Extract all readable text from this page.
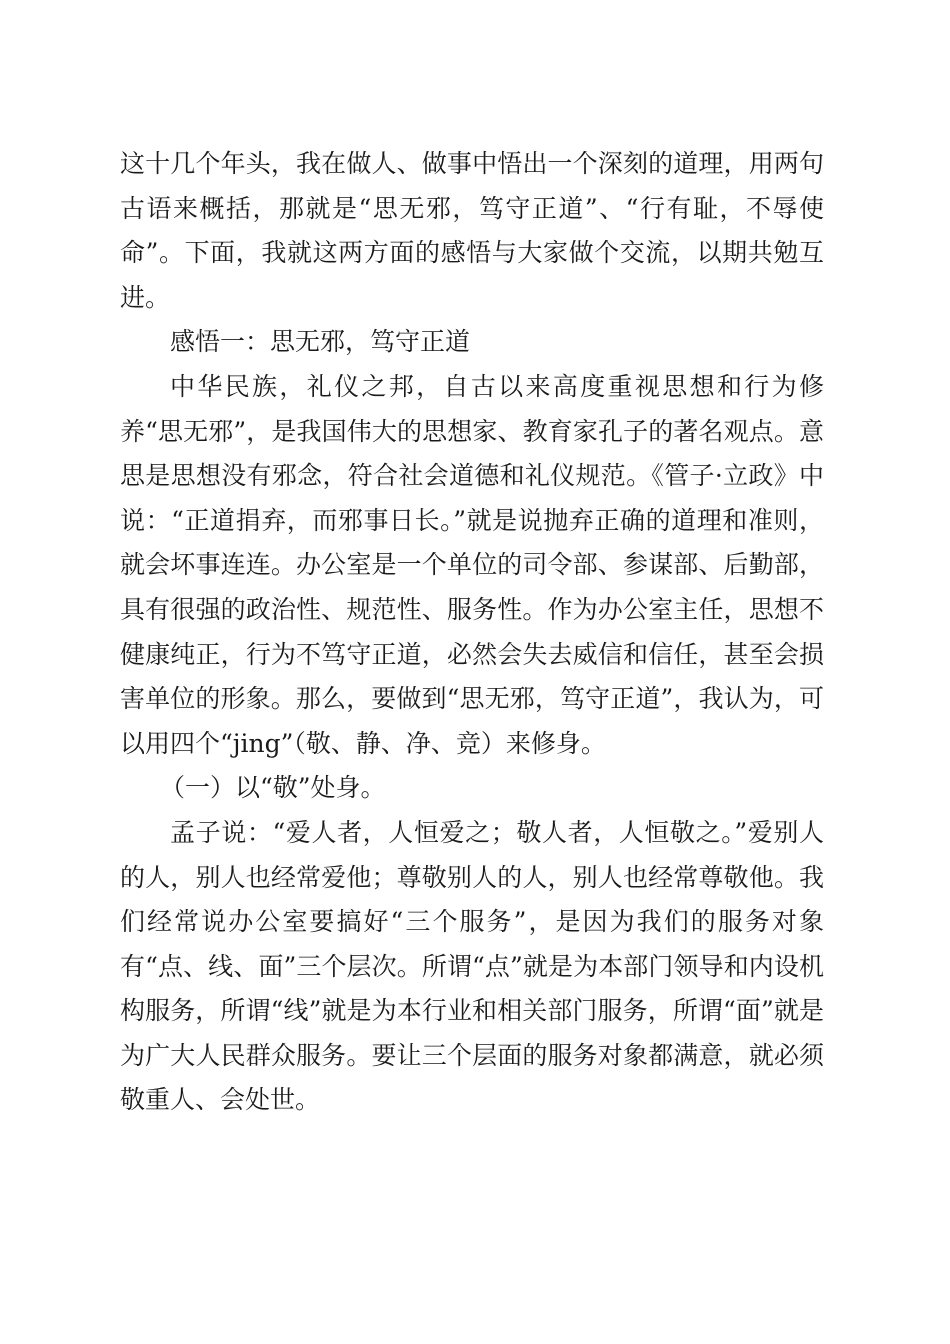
这十几个年头，我在做人、做事中悟出一个深刻的道理，用两句古语来概括，那就是“思无邪，笃守正道”、“行有耻，不辱使命”。下面，我就这两方面的感悟与大家做个交流，以期共勉互进。

感悟一：思无邪，笃守正道

中华民族，礼仪之邦，自古以来高度重视思想和行为修养“思无邪”，是我国伟大的思想家、教育家孔子的著名观点。意思是思想没有邪念，符合社会道德和礼仪规范。《管子·立政》中说：“正道捐弃，而邪事日长。”就是说抛弃正确的道理和准则，就会坏事连连。办公室是一个单位的司令部、参谋部、后勤部，具有很强的政治性、规范性、服务性。作为办公室主任，思想不健康纯正，行为不笃守正道，必然会失去威信和信任，甚至会损害单位的形象。那么，要做到“思无邪，笃守正道”，我认为，可以用四个“jing”（敬、静、净、竞）来修身。

（一）以“敬”处身。

孟子说：“爱人者，人恒爱之；敬人者，人恒敬之。”爱别人的人，别人也经常爱他；尊敬别人的人，别人也经常尊敬他。我们经常说办公室要搞好“三个服务”，是因为我们的服务对象有“点、线、面”三个层次。所谓“点”就是为本部门领导和内设机构服务，所谓“线”就是为本行业和相关部门服务，所谓“面”就是为广大人民群众服务。要让三个层面的服务对象都满意，就必须敬重人、会处世。
